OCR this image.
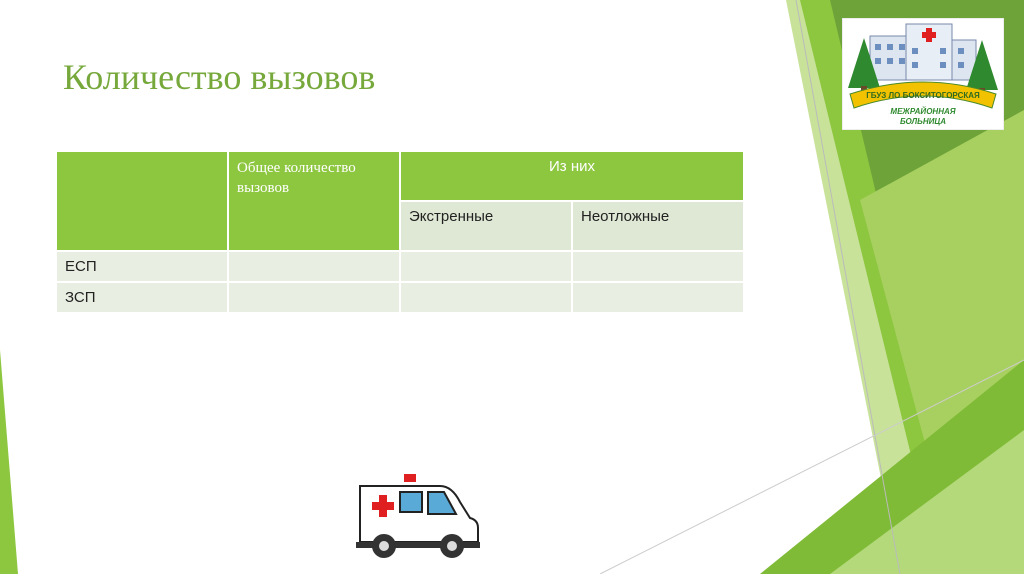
Количество вызовов	ГБУЗ ЛО БОКСИТОГОРСКАЯ
МЕЖРАЙОННАЯ
БОЛЬНИЦА
	Общее количество вызовов	Из них	
		Экстренные	Неотложные
ЕСП			
ЗСП			
